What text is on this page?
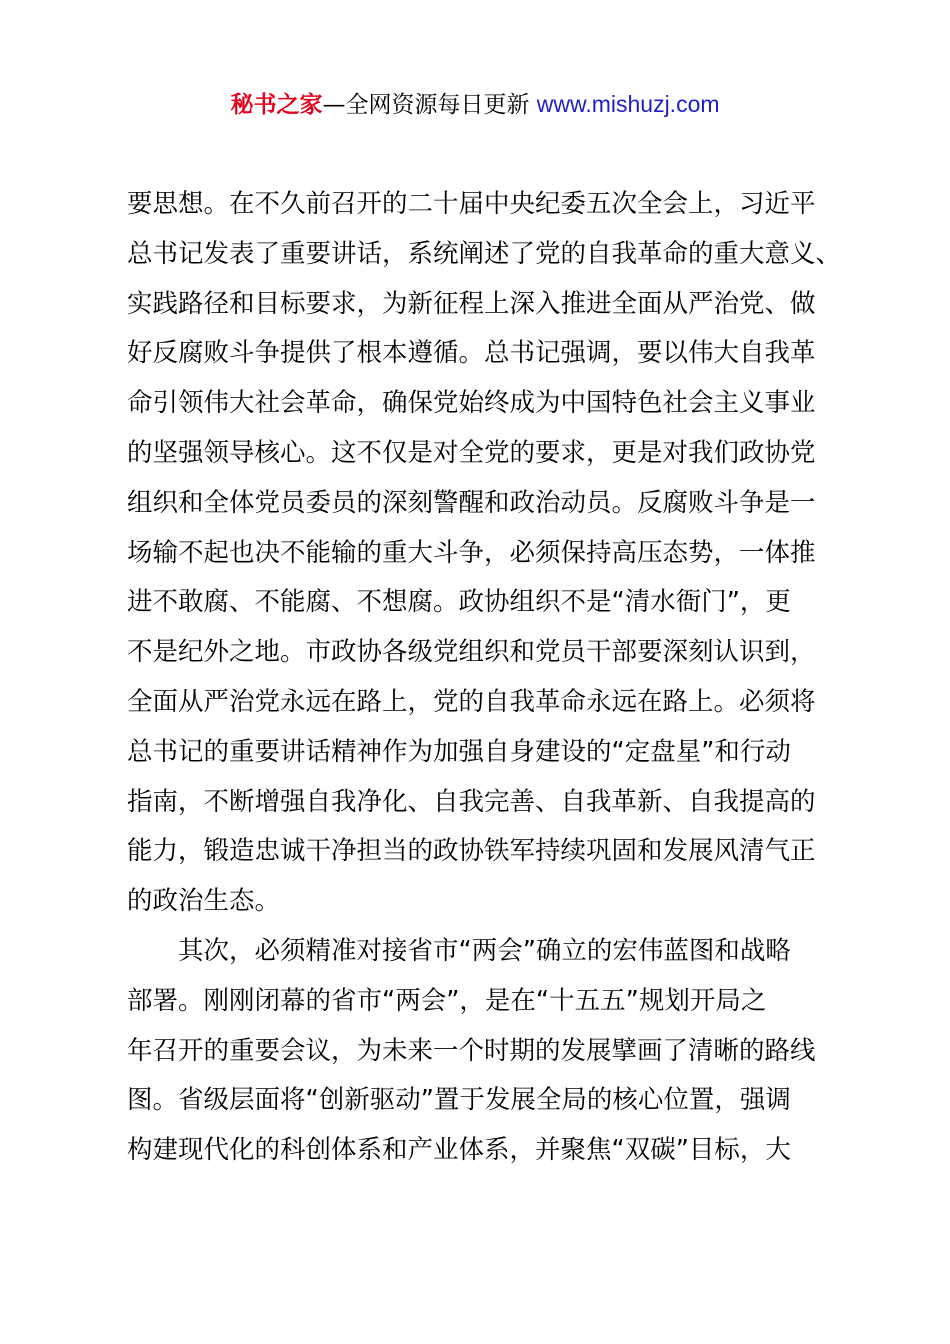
秘书之家—全网资源每日更新 www.mishuzj.com
要思想。在不久前召开的二十届中央纪委五次全会上，习近平
总书记发表了重要讲话，系统阐述了党的自我革命的重大意义、
实践路径和目标要求，为新征程上深入推进全面从严治党、做
好反腐败斗争提供了根本遵循。总书记强调，要以伟大自我革
命引领伟大社会革命，确保党始终成为中国特色社会主义事业
的坚强领导核心。这不仅是对全党的要求，更是对我们政协党
组织和全体党员委员的深刻警醒和政治动员。反腐败斗争是一
场输不起也决不能输的重大斗争，必须保持高压态势，一体推
进不敢腐、不能腐、不想腐。政协组织不是“清水衙门”，更
不是纪外之地。市政协各级党组织和党员干部要深刻认识到，
全面从严治党永远在路上，党的自我革命永远在路上。必须将
总书记的重要讲话精神作为加强自身建设的“定盘星”和行动
指南，不断增强自我净化、自我完善、自我革新、自我提高的
能力，锻造忠诚干净担当的政协铁军持续巩固和发展风清气正
的政治生态。
　　其次，必须精准对接省市“两会”确立的宏伟蓝图和战略
部署。刚刚闭幕的省市“两会”，是在“十五五”规划开局之
年召开的重要会议，为未来一个时期的发展擘画了清晰的路线
图。省级层面将“创新驱动”置于发展全局的核心位置，强调
构建现代化的科创体系和产业体系，并聚焦“双碳”目标，大
